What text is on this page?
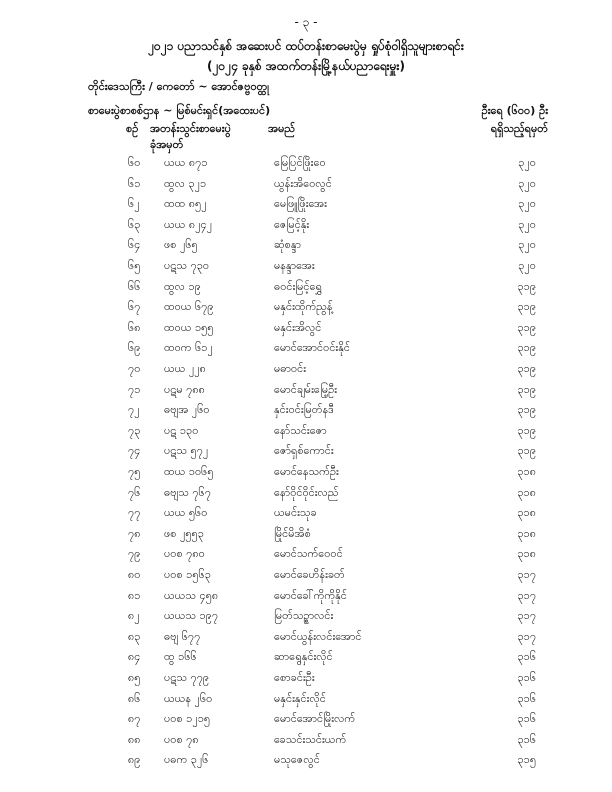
- ၃ -
၂၀၂၁ ပညာသင်နှစ် အဆေးပင် ထပ်တန်းစာမေးပွဲမှ ရှုပ်စုံဝါရှိသူများစာရင်း
(၂၀၂၄ ခုနှစ် အထက်တန်းမြို့နယ်ပညာရေးမှူး)
တိုင်းဒေသကြီး / ကေတော် ~ အောင်ဇဗ္ဗဝတ္ထု
စာမေးပွဲစာစစ်ဌာန ~ မြစ်မင်းရှင်(အထေးပင်)	ဦးရေ (၆၀၀) ဦး
စဉ် အတန်းသွင်းစာမေးပွဲ	အမည်	ရရှိသည့်ရမှတ်
ခုံအမှတ်
၆၀ ယယ ၈၇၁	မြေပြင်ဖြိုးဝေ	၃၂၀
၆၁ ထွလ ၃၂၁	ယွန်းအိဝေလွင်	၃၂၀
၆၂ ထထ ၈၅၂	မေဖြူဖြိုးအေး	၃၂၀
၆၃ ယယ ၈၂၄၂	ဇေမြင့်နိုး	၃၂၀
၆၄ ဖစ ၂၆၅	ဆုံစန္ဒာ	၃၂၀
၆၅ ပဋသ ၇၃၀	မနန္ဒာအေး	၃၂၀
၆၆ ထွလ ၁၉	ဓဝင်းမြင့်ရွှေ	၃၁၉
၆၇ ထဝယ ၆၇၉	မနှင်းထိုက်ညွန့်	၃၁၉
၆၈ ထဝယ ၁၅၅	မနှင်းအိလွင်	၃၁၉
၆၉ ထဝက ၆၁၂	မောင်အောင်ဝင်းနိုင်	၃၁၉
၇၀ ယယ ၂၂၈	မဓာဝင်း	၃၁၉
၇၁ ပဋမ ၇၈၈	မောင်ချမ်းမြေ့ဦး	၃၁၉
၇၂ ဓဗျအ ၂၆၀	နှင်းဝင်းမြတ်နဒီ	၃၁၉
၇၃ ပဋ ၁၃၀	နော်သင်းဇော	၃၁၉
၇၄ ပဋသ ၅၇၂	ဇော်ရှစ်ကောင်း	၃၁၉
၇၅ ထယ ၁၀၆၅	မောင်နေသက်ဦး	၃၁၈
၇၆ ဓဗျသ ၇၆၇	နော်ဝိုင်ဝိုင်းလည်	၃၁၈
၇၇ ယယ ၅၆၀	ယမင်းသုခ	၃၁၈
၇၈ ဖစ ၂၅၅၃	မြိုင်မိအိစံ	၃၁၈
၇၉ ပဝစ ၇၈၀	မောင်သက်ဝေဝင်	၃၁၈
၈၀ ပဝစ ၁၅၆၃	မောင်ခေဟိန်းခတ်	၃၁၇
၈၁ ယယသ ၄၅၈	မောင်ခေါ်ကိုကိုနိုင်	၃၁၇
၈၂ ယယသ ၁၉၇	မြတ်သဉ္စာလင်း	၃၁၇
၈၃ ဓဗျ ၆၇၇	မောင်ယွန်းလင်းအောင်	၃၁၇
၈၄ ထွ ၁၆၆	ဆာရွေနှင်းလိုင်	၃၁၆
၈၅ ပဋသ ၇၇၉	စောခင်းဦး	၃၁၆
၈၆ ယယန ၂၆၀	မနှင်းနှင်းလိုင်	၃၁၆
၈၇ ပဝစ ၁၂၁၅	မောင်အောင်မြိုးလက်	၃၁၆
၈၈ ပဝစ ၇၈	ခေသင်းသင်းယက်	၃၁၆
၈၉ ပဓက ၃၂၆	မသုဇေလွင်	၃၁၅
